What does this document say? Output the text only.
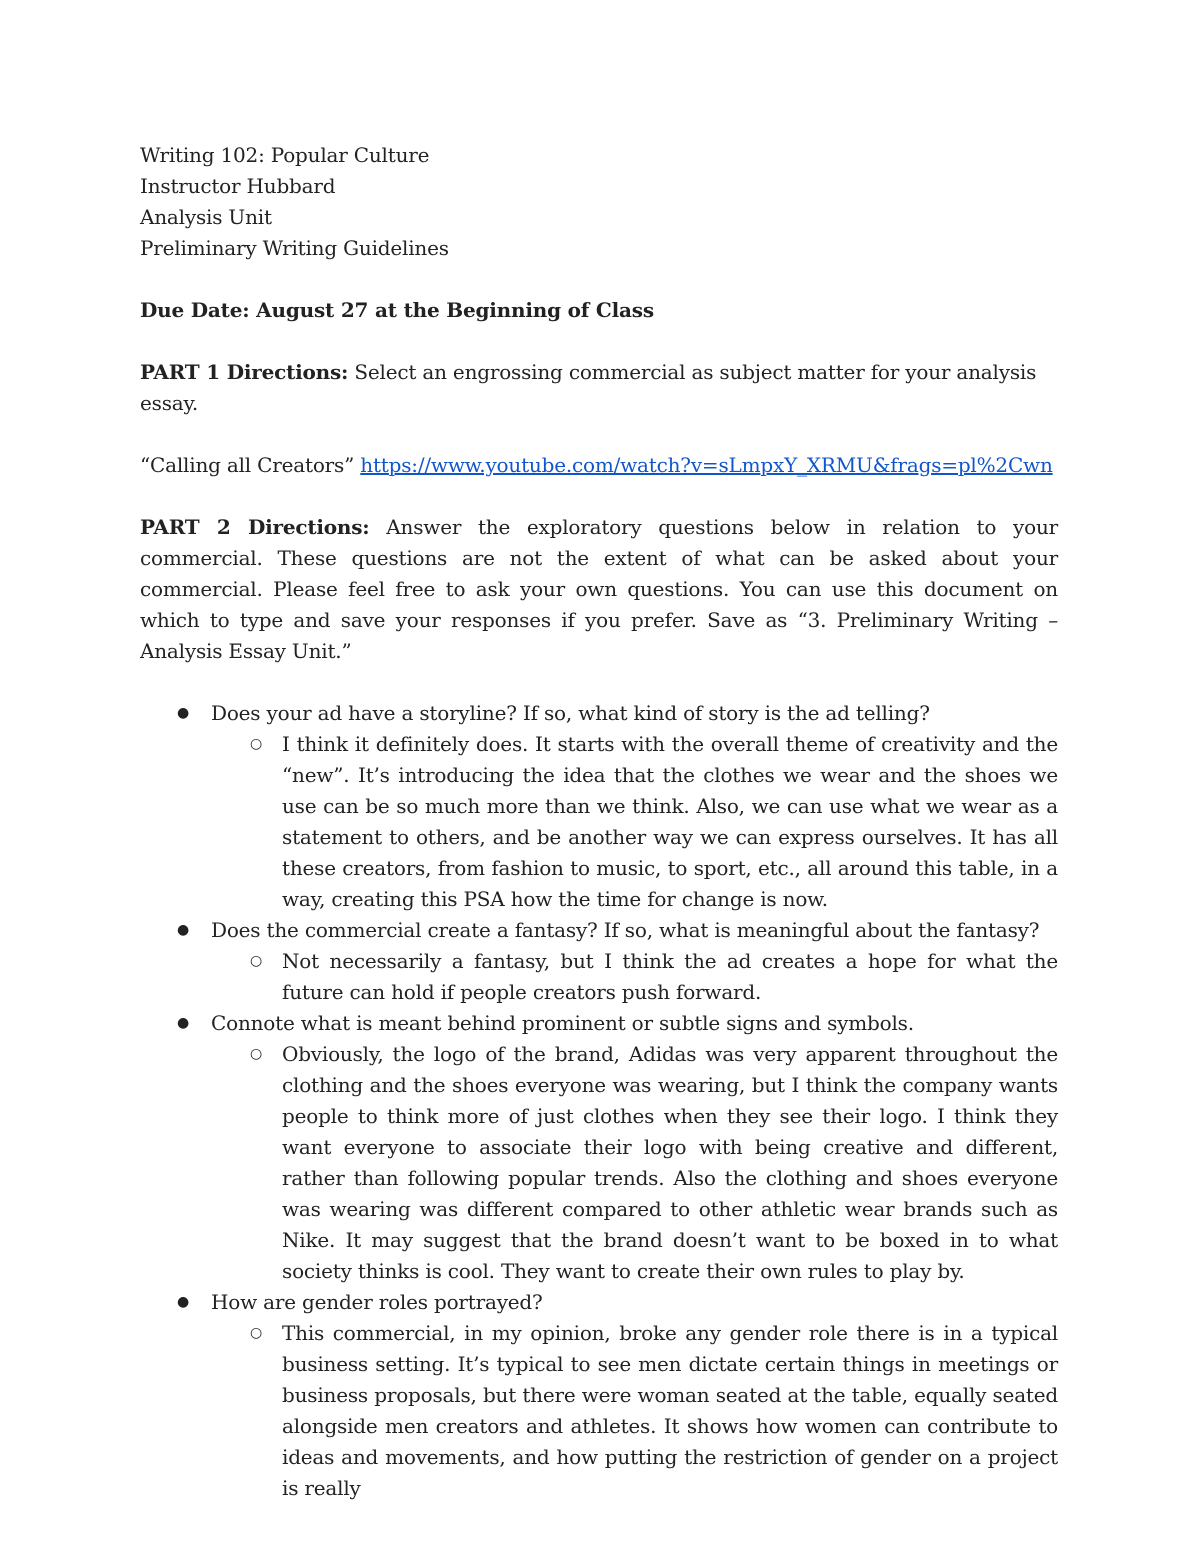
Writing 102: Popular Culture

Instructor Hubbard

Analysis Unit

Preliminary Writing Guidelines

Due Date: August 27 at the Beginning of Class

PART 1 Directions: Select an engrossing commercial as subject matter for your analysis essay.

“Calling all Creators” https://www.youtube.com/watch?v=sLmpxY_XRMU&frags=pl%2Cwn

PART 2 Directions: Answer the exploratory questions below in relation to your commercial. These questions are not the extent of what can be asked about your commercial. Please feel free to ask your own questions. You can use this document on which to type and save your responses if you prefer. Save as “3. Preliminary Writing – Analysis Essay Unit.”

● Does your ad have a storyline? If so, what kind of story is the ad telling?
○ I think it definitely does. It starts with the overall theme of creativity and the “new”. It’s introducing the idea that the clothes we wear and the shoes we use can be so much more than we think. Also, we can use what we wear as a statement to others, and be another way we can express ourselves. It has all these creators, from fashion to music, to sport, etc., all around this table, in a way, creating this PSA how the time for change is now.
● Does the commercial create a fantasy? If so, what is meaningful about the fantasy?
○ Not necessarily a fantasy, but I think the ad creates a hope for what the future can hold if people creators push forward.
● Connote what is meant behind prominent or subtle signs and symbols.
○ Obviously, the logo of the brand, Adidas was very apparent throughout the clothing and the shoes everyone was wearing, but I think the company wants people to think more of just clothes when they see their logo. I think they want everyone to associate their logo with being creative and different, rather than following popular trends. Also the clothing and shoes everyone was wearing was different compared to other athletic wear brands such as Nike. It may suggest that the brand doesn’t want to be boxed in to what society thinks is cool. They want to create their own rules to play by.
● How are gender roles portrayed?
○ This commercial, in my opinion, broke any gender role there is in a typical business setting. It’s typical to see men dictate certain things in meetings or business proposals, but there were woman seated at the table, equally seated alongside men creators and athletes. It shows how women can contribute to ideas and movements, and how putting the restriction of gender on a project is really
